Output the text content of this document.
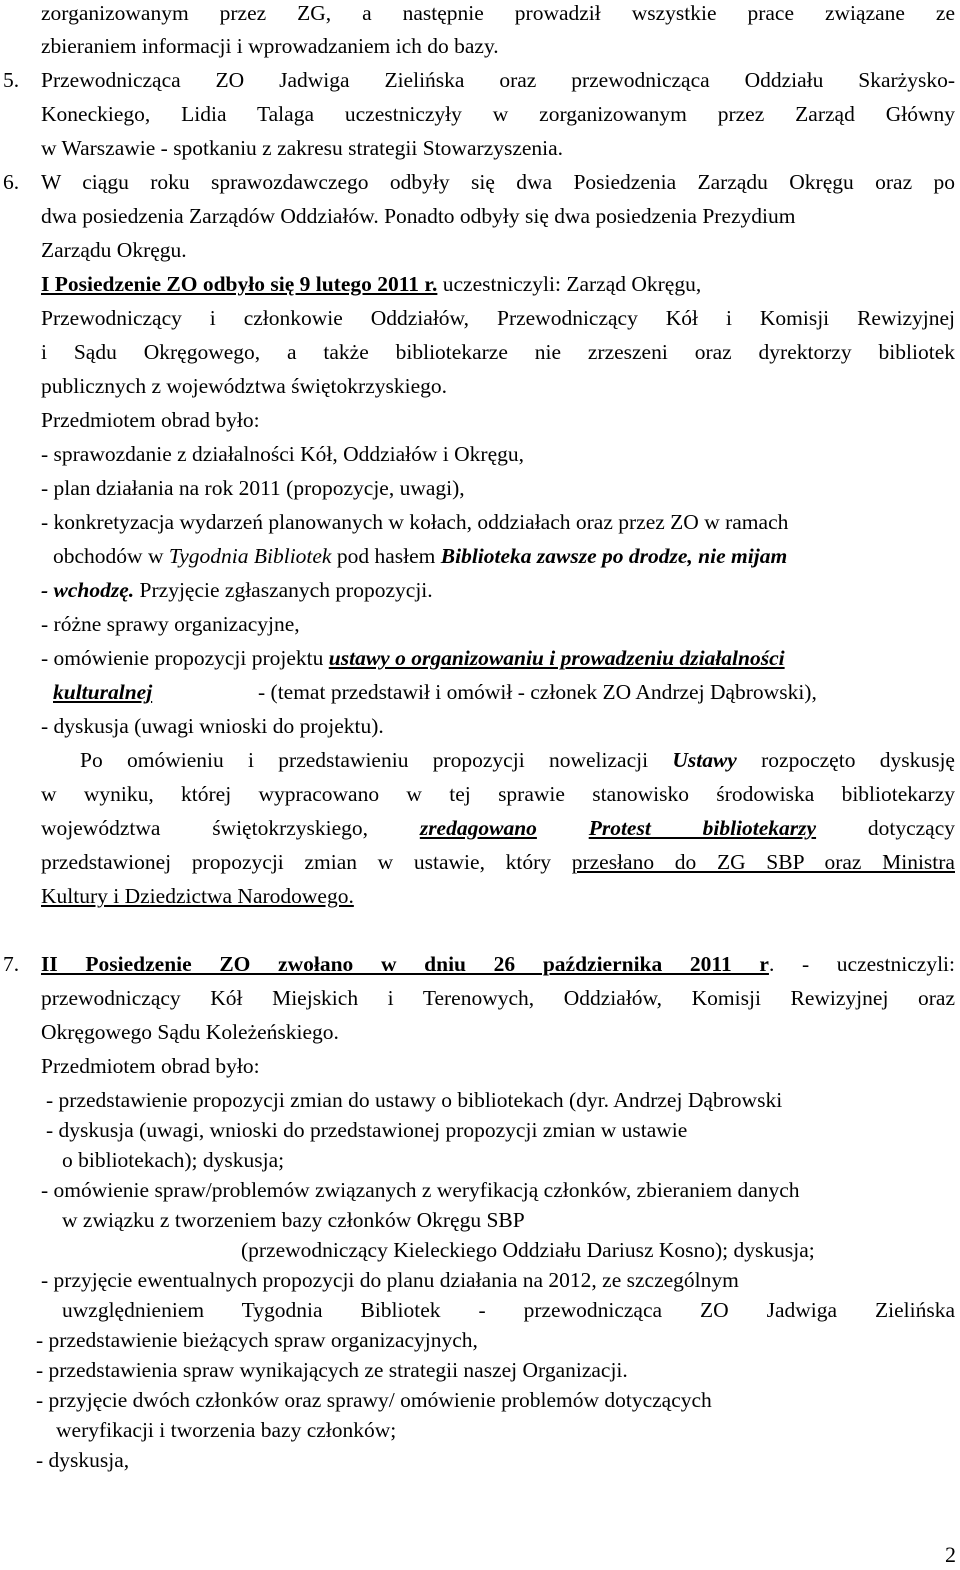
zorganizowanym przez ZG, a następnie prowadził wszystkie prace związane ze
zbieraniem informacji i wprowadzaniem ich do bazy.
5. Przewodnicząca ZO Jadwiga Zielińska oraz przewodnicząca Oddziału Skarżysko-
Koneckiego, Lidia Talaga uczestniczyły w zorganizowanym przez Zarząd Główny
w Warszawie - spotkaniu z zakresu strategii Stowarzyszenia.
6. W ciągu roku sprawozdawczego odbyły się dwa Posiedzenia Zarządu Okręgu oraz po
dwa posiedzenia Zarządów Oddziałów. Ponadto odbyły się dwa posiedzenia Prezydium
Zarządu Okręgu.
I Posiedzenie ZO odbyło się 9 lutego 2011 r. uczestniczyli: Zarząd Okręgu,
Przewodniczący i członkowie Oddziałów, Przewodniczący Kół i Komisji Rewizyjnej
i Sądu Okręgowego, a także bibliotekarze nie zrzeszeni oraz dyrektorzy bibliotek
publicznych z województwa świętokrzyskiego.
Przedmiotem obrad było:
- sprawozdanie z działalności Kół, Oddziałów i Okręgu,
- plan działania na rok 2011 (propozycje, uwagi),
- konkretyzacja wydarzeń planowanych w kołach, oddziałach oraz przez ZO w ramach
obchodów w Tygodnia Bibliotek pod hasłem Biblioteka zawsze po drodze, nie mijam
- wchodzę. Przyjęcie zgłaszanych propozycji.
- różne sprawy organizacyjne,
- omówienie propozycji projektu ustawy o organizowaniu i prowadzeniu działalności
kulturalnej	- (temat przedstawił i omówił - członek ZO Andrzej Dąbrowski),
- dyskusja (uwagi wnioski do projektu).
Po omówieniu i przedstawieniu propozycji nowelizacji Ustawy rozpoczęto dyskusję
w wyniku, której wypracowano w tej sprawie stanowisko środowiska bibliotekarzy
województwa świętokrzyskiego, zredagowano Protest bibliotekarzy dotyczący
przedstawionej propozycji zmian w ustawie, który przesłano do ZG SBP oraz Ministra
Kultury i Dziedzictwa Narodowego.
7. II Posiedzenie ZO zwołano w dniu 26 października 2011 r. - uczestniczyli:
przewodniczący Kół Miejskich i Terenowych, Oddziałów, Komisji Rewizyjnej oraz
Okręgowego Sądu Koleżeńskiego.
Przedmiotem obrad było:
- przedstawienie propozycji zmian do ustawy o bibliotekach (dyr. Andrzej Dąbrowski
- dyskusja (uwagi, wnioski do przedstawionej propozycji zmian w ustawie
o bibliotekach); dyskusja;
- omówienie spraw/problemów związanych z weryfikacją członków, zbieraniem danych
w związku z tworzeniem bazy członków Okręgu SBP
(przewodniczący Kieleckiego Oddziału Dariusz Kosno); dyskusja;
- przyjęcie ewentualnych propozycji do planu działania na 2012, ze szczególnym
uwzględnieniem Tygodnia Bibliotek - przewodnicząca ZO Jadwiga Zielińska
- przedstawienie bieżących spraw organizacyjnych,
- przedstawienia spraw wynikających ze strategii naszej Organizacji.
- przyjęcie dwóch członków oraz sprawy/ omówienie problemów dotyczących
weryfikacji i tworzenia bazy członków;
- dyskusja,
2
